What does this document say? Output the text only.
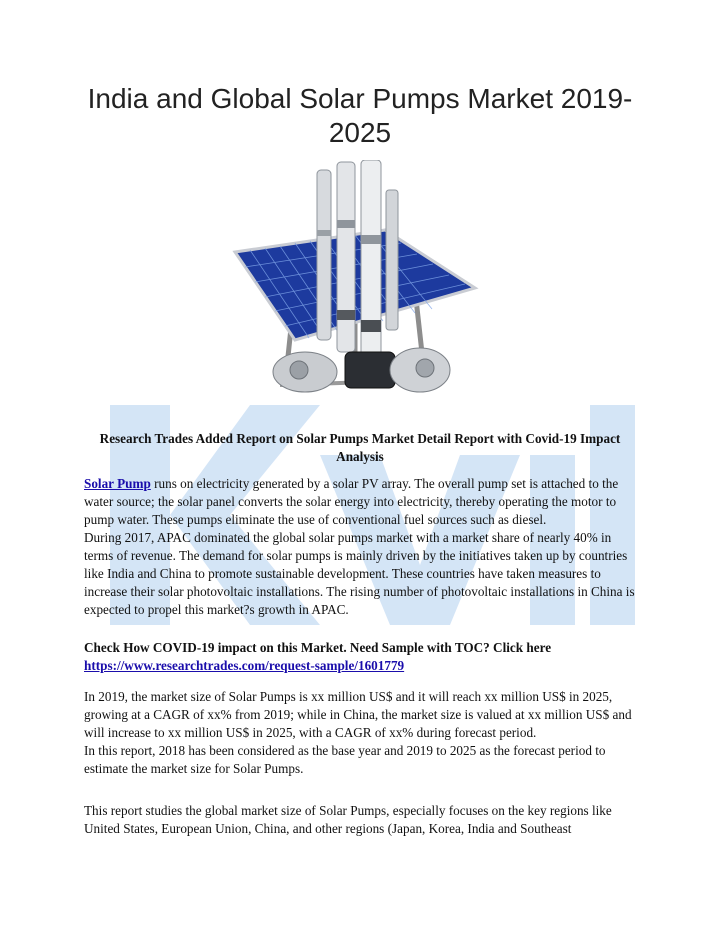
India and Global Solar Pumps Market 2019-2025
Research Trades Added Report on Solar Pumps Market Detail Report with Covid-19 Impact Analysis

Solar Pump runs on electricity generated by a solar PV array. The overall pump set is attached to the water source; the solar panel converts the solar energy into electricity, thereby operating the motor to pump water. These pumps eliminate the use of conventional fuel sources such as diesel.

During 2017, APAC dominated the global solar pumps market with a market share of nearly 40% in terms of revenue. The demand for solar pumps is mainly driven by the initiatives taken up by countries like India and China to promote sustainable development. These countries have taken measures to increase their solar photovoltaic installations. The rising number of photovoltaic installations in China is expected to propel this market?s growth in APAC.

Check How COVID-19 impact on this Market. Need Sample with TOC? Click here

https://www.researchtrades.com/request-sample/1601779

In 2019, the market size of Solar Pumps is xx million US$ and it will reach xx million US$ in 2025, growing at a CAGR of xx% from 2019; while in China, the market size is valued at xx million US$ and will increase to xx million US$ in 2025, with a CAGR of xx% during forecast period.

In this report, 2018 has been considered as the base year and 2019 to 2025 as the forecast period to estimate the market size for Solar Pumps.

This report studies the global market size of Solar Pumps, especially focuses on the key regions like United States, European Union, China, and other regions (Japan, Korea, India and Southeast
